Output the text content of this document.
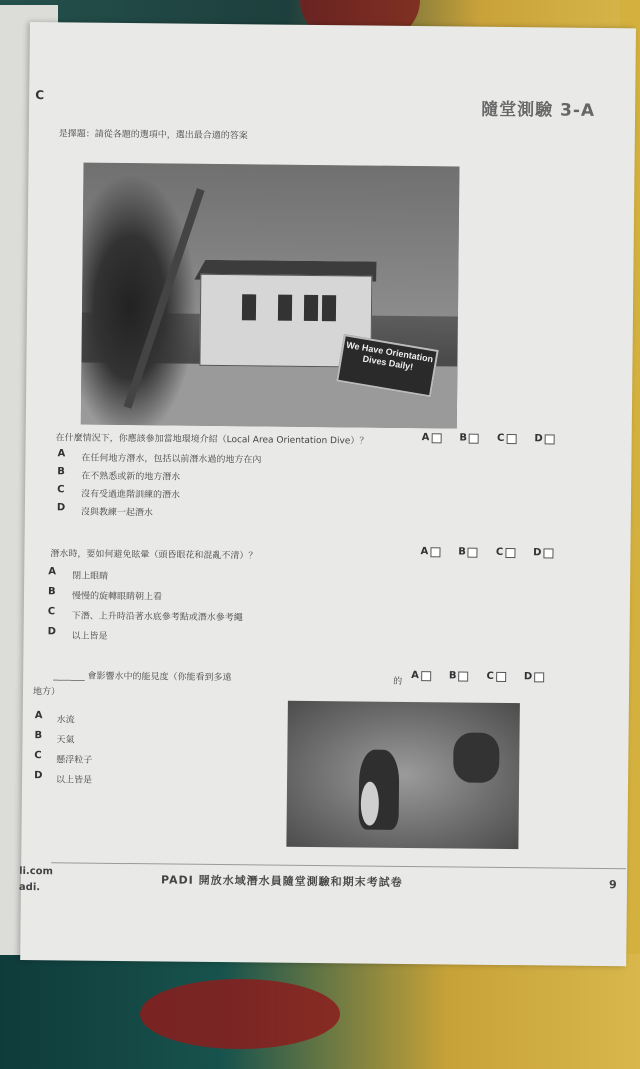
C
隨堂測驗 3-A
是擇題：請從各題的選項中，選出最合適的答案
We Have Orientation Dives Daily!
在什麼情況下，你應該參加當地環境介紹（Local Area Orientation Dive）？	A	B	C	D
A 在任何地方潛水，包括以前潛水過的地方在內
B 在不熟悉或新的地方潛水
C 沒有受過進階訓練的潛水
D 沒與教練一起潛水
潛水時，要如何避免眩暈（頭昏眼花和混亂不清）？	A	B	C	D
A 閉上眼睛
B 慢慢的旋轉眼睛朝上看
C 下潛、上升時沿著水底參考點或潛水參考繩
D 以上皆是
_______ 會影響水中的能見度（你能看到多遠	的
地方）
A	B	C	D
A 水流
B 天氣
C 懸浮粒子
D 以上皆是
li.com
adi.	PADI 開放水域潛水員隨堂測驗和期末考試卷	9
